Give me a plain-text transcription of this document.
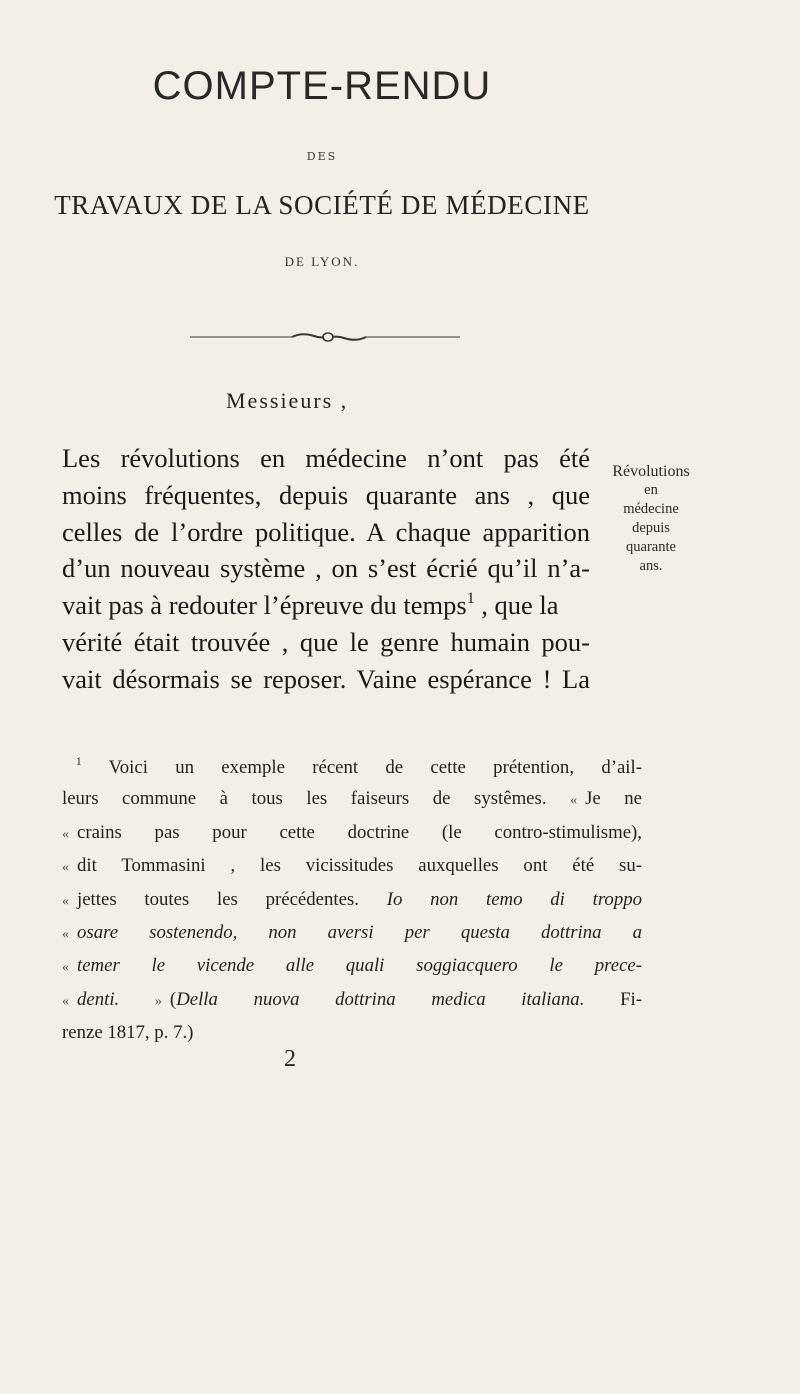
COMPTE-RENDU
DES
TRAVAUX DE LA SOCIÉTÉ DE MÉDECINE
DE LYON.
Messieurs ,
Les révolutions en médecine n’ont pas été
moins fréquentes, depuis quarante ans , que
celles de l’ordre politique. A chaque apparition
d’un nouveau système , on s’est écrié qu’il n’a-
vait pas à redouter l’épreuve du temps$^1$ , que la
vérité était trouvée , que le genre humain pou-
vait désormais se reposer. Vaine espérance ! La
Révolutions
en
médecine
depuis
quarante
ans.
$^1$ Voici un exemple récent de cette prétention, d’ail-
leurs commune à tous les faiseurs de systêmes. « Je ne
« crains pas pour cette doctrine (le contro-stimulisme),
« dit Tommasini , les vicissitudes auxquelles ont été su-
« jettes toutes les précédentes. Io non temo di troppo
« osare sostenendo, non aversi per questa dottrina a
« temer le vicende alle quali soggiacquero le prece-
« denti.	» (Della nuova dottrina medica italiana. Fi-
renze 1817, p. 7.)
2
